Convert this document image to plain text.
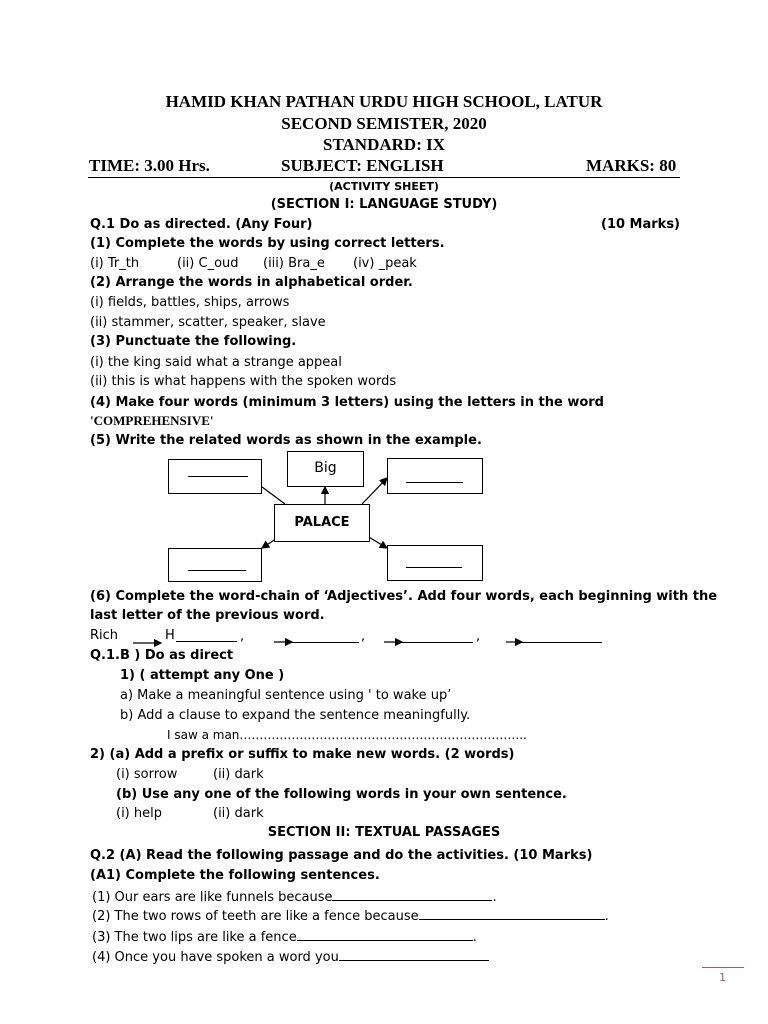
HAMID KHAN PATHAN URDU HIGH SCHOOL, LATUR
SECOND SEMISTER, 2020
STANDARD: IX
TIME: 3.00 Hrs.	SUBJECT: ENGLISH	MARKS: 80
(ACTIVITY SHEET)
(SECTION I: LANGUAGE STUDY)
Q.1 Do as directed. (Any Four)	(10 Marks)
(1) Complete the words by using correct letters.
(i) Tr_th	(ii) C_oud (iii) Bra_e (iv) _peak
(2) Arrange the words in alphabetical order.
(i) fields, battles, ships, arrows
(ii) stammer, scatter, speaker, slave
(3) Punctuate the following.
(i) the king said what a strange appeal
(ii) this is what happens with the spoken words
(4) Make four words (minimum 3 letters) using the letters in the word
'COMPREHENSIVE'
(5) Write the related words as shown in the example.
Big
PALACE
(6) Complete the word-chain of ‘Adjectives’. Add four words, each beginning with the
last letter of the previous word.
Rich	H	,	,	,
Q.1.B ) Do as direct
1) ( attempt any One )
a) Make a meaningful sentence using ' to wake up’
b) Add a clause to expand the sentence meaningfully.
I saw a man……………………………………………………………...
2) (a) Add a prefix or suffix to make new words. (2 words)
(i) sorrow	(ii) dark
(b) Use any one of the following words in your own sentence.
(i) help	(ii) dark
SECTION II: TEXTUAL PASSAGES
Q.2 (A) Read the following passage and do the activities. (10 Marks)
(A1) Complete the following sentences.
(1) Our ears are like funnels because	.
(2) The two rows of teeth are like a fence because	.
(3) The two lips are like a fence	.
(4) Once you have spoken a word you
1
